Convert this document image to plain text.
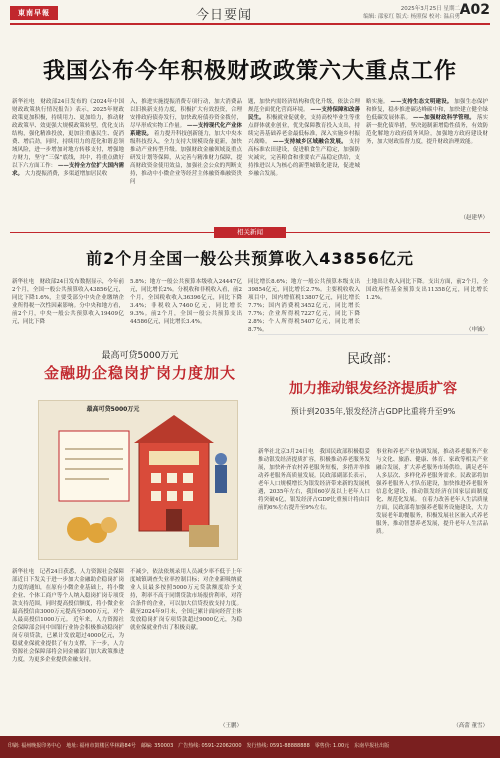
東南早報	今日要闻	2025年3月25日 星期二
编辑: 邵家红 版式: 杨照保 校对: 温启勇 A02
我国公布今年积极财政政策六大重点工作
新华社电　财政部24日发布的《2024年中国财政政策执行情况报告》表示，2025年财政政策更加积极，持续用力、更加给力，推动财政政策早、效更强大规模政策转型，优化支出结构，强化精准投放，更加注重惠民生、促消费、增后劲，同时，持续用力的范化和谐息领域风险，进一步增加对地方转移支付，增强地方财力，坚守“三保”底线，其中，将重点做好以下六方面工作： ——支持全方位扩大国内需求。 大力提振消费，多渠道增加居民收
入，推进实施提振消费专项行动，加大消费品以旧换新支持力度，积极扩大有效投资，合理安排政府债券发行，加快政府债券资金拨付，尽早形成实物工作量。 ——支持现代化产业体系建设。 着力提升科技创新能力，加大中央本级科技投入，全力支持大规模设备更新，加快推动产业转型升级。加强财政金融领域及重点研发计划等保障，从完善与精准财力保障，提高财政资金使用效益，加强社会公众的判断支持，推动中小微企业等经营主体融资难融资贵问
题，加快内需经济结构和优化升级，依法合理规范全面优化营商环境。 ——支持保障和改善民生。 积极就业促就业，支持高校毕业生等重点群体就业创业，优先保障教育投入支出，持续完善基础养老金最低标准，深入实施乡村振兴战略。 ——支持城乡区域融合发展。 支持高标准农田建设，促进粮食生产稳定，加强防灾减灾，完善粮食和重要农产品稳定供给，支持推进以人为核心的新型城镇化建设，促进城乡融合发展。
略实施。 ——支持生态文明建设。 加强生态保护和修复，稳步推进碳达峰碳中和，加快建立健全绿色低碳发展体系。 ——加强财政科学管理。 落实新一批化债举措，坚决遏制新增隐性债务，有效防范化解地方政府债务风险，加强地方政府建设财务，加大财政监督力度，提升财政治理效能。
（赵建华）
相关新闻
前2个月全国一般公共预算收入43856亿元
新华社电　财政部24日发布数据显示，今年前2个月，全国一般公共预算收入43856亿元，同比下降1.6%，主要受部分中央企业缴纳企业所得税一次性因素影响。分中央和地方看，前2个月，中央一般公共预算收入19409亿元，同比下降
5.8%；地方一般公共预算本级收入24447亿元，同比增长2%。分税收和非税收入看，前2个月，全国税收收入36396亿元，同比下降3.4%；非税收入7460亿元，同比增长9.3%。前2个月，全国一般公共预算支出44586亿元，同比增长3.4%。
同比增长8.6%；地方一般公共预算本级支出39854亿元，同比增长2.7%。主要税收收入项目中，国内增值税13807亿元，同比增长7.7%；国内消费税3452亿元，同比增长7.7%；企业所得税7227亿元，同比下降2.8%；个人所得税5407亿元，同比增长8.7%。
土地出让收入同比下降。支出方面，前2个月，全国政府性基金预算支出11358亿元，同比增长1.2%。
（申铖）
最高可贷5000万元
金融助企稳岗扩岗力度加大
最高可贷5000万元
新华社电　记者24日获悉，人力资源社会保障部近日下发关于进一步加大金融助企稳岗扩岗力度的通知，在原有小微企业基础上，将小微企业、个体工商户等个人纳入稳岗扩岗专项贷款支持范围，同时提高授信额度，将小微企业最高授信由3000万元提高至5000万元，对个人最高授信1000万元。 近年来，人力资源社会保障部会同中国银行业协会积极推动稳岗扩岗专项贷款，已累计发放超过4000亿元，为稳就业保就业提供了有力支撑，下一步，人力资源社会保障部将会同金融部门加大政策推进力度，为更多企业提供金融支持。
不减少，依法依规录用人员减少率不低于上年度城镇调查失业率控制目标；对企业新吸纳就业人员最多按照5000万元贷款额度给予支持，利率不高于同期贷款市场报价利率，对符合条件的企业，可以加大信贷投放支持力度。 截至2024年9月末，全国已累计面向经营主体发放稳岗扩岗专项贷款超过9000亿元，为稳就业保就业作出了积极贡献。
（王鹏）
民政部：
加力推动银发经济提质扩容
预计到2035年,银发经济占GDP比重将升至9%
新华社北京3月24日电　我国民政部积极稳妥推动银发经济提质扩容，积极推动养老服务发展，加快补齐农村养老服务短板，多措并举推动养老服务高质量发展。民政部副部长表示，老年人口规模增长为银发经济带来新的发展机遇，2035年左右，我国60岁及以上老年人口将突破4亿，银发经济占GDP比重预计将由目前的6%左右提升至9%左右。
事业和养老产业协调发展，推动养老服务产业与文化、旅游、健康、体育、家政等相关产业融合发展，扩大养老服务市场供给，满足老年人多层次、多样化养老服务需求。民政部将加强养老服务人才队伍建设，加快推进养老服务信息化建设，推动银发经济在国家层面制度化、规范化发展。 在着力改善老年人生活质量方面，民政部将加强养老服务设施建设，大力发展老年助餐服务，积极发展社区嵌入式养老服务，推动智慧养老发展，提升老年人生活品质。
（高蕾 董雪）
印刷: 福州晚报印务中心　地址: 福州市鼓楼区华林路84号　邮编: 350003　广告热线: 0591-22062000　发行热线: 0591-88888888　零售价: 1.00元　东南早报社出版
